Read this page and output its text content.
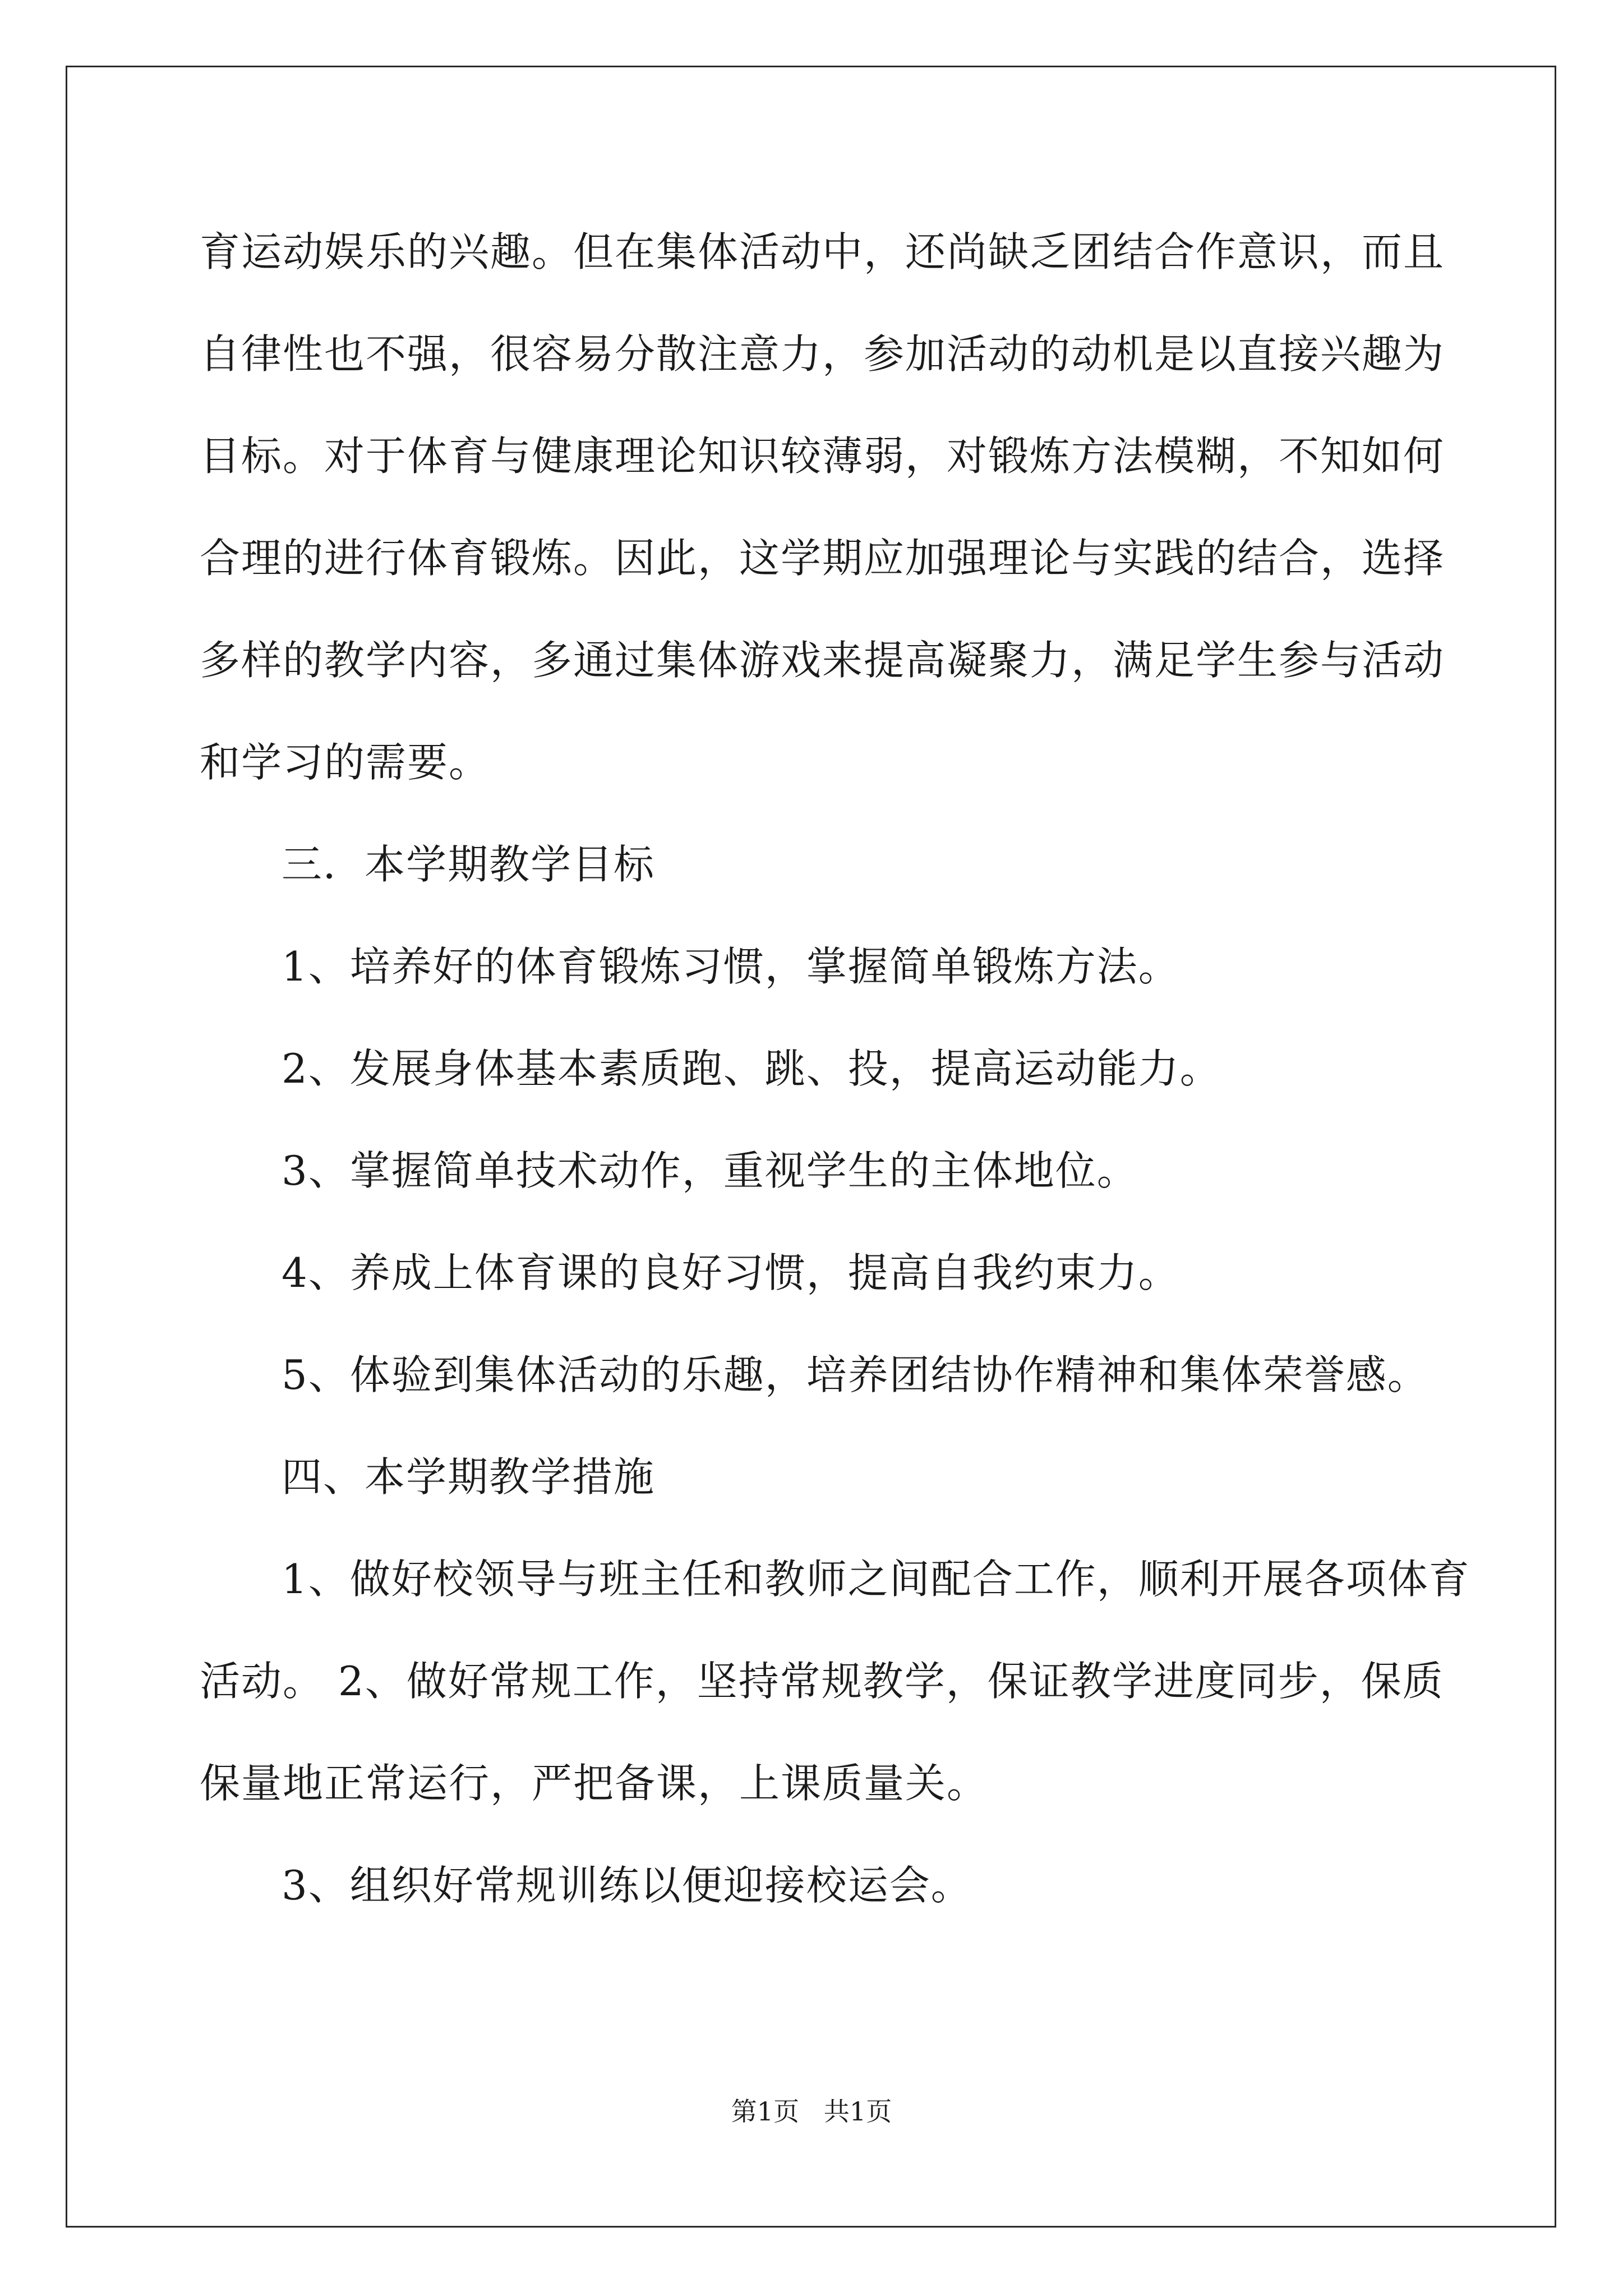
育运动娱乐的兴趣。但在集体活动中，还尚缺乏团结合作意识，而且
自律性也不强，很容易分散注意力，参加活动的动机是以直接兴趣为
目标。对于体育与健康理论知识较薄弱，对锻炼方法模糊，不知如何
合理的进行体育锻炼。因此，这学期应加强理论与实践的结合，选择
多样的教学内容，多通过集体游戏来提高凝聚力，满足学生参与活动
和学习的需要。
三．本学期教学目标
1、培养好的体育锻炼习惯，掌握简单锻炼方法。
2、发展身体基本素质跑、跳、投，提高运动能力。
3、掌握简单技术动作，重视学生的主体地位。
4、养成上体育课的良好习惯，提高自我约束力。
5、体验到集体活动的乐趣，培养团结协作精神和集体荣誉感。
四、本学期教学措施
1、做好校领导与班主任和教师之间配合工作，顺利开展各项体育
活动。 2、做好常规工作，坚持常规教学，保证教学进度同步，保质
保量地正常运行，严把备课，上课质量关。
3、组织好常规训练以便迎接校运会。
第1页   共1页
